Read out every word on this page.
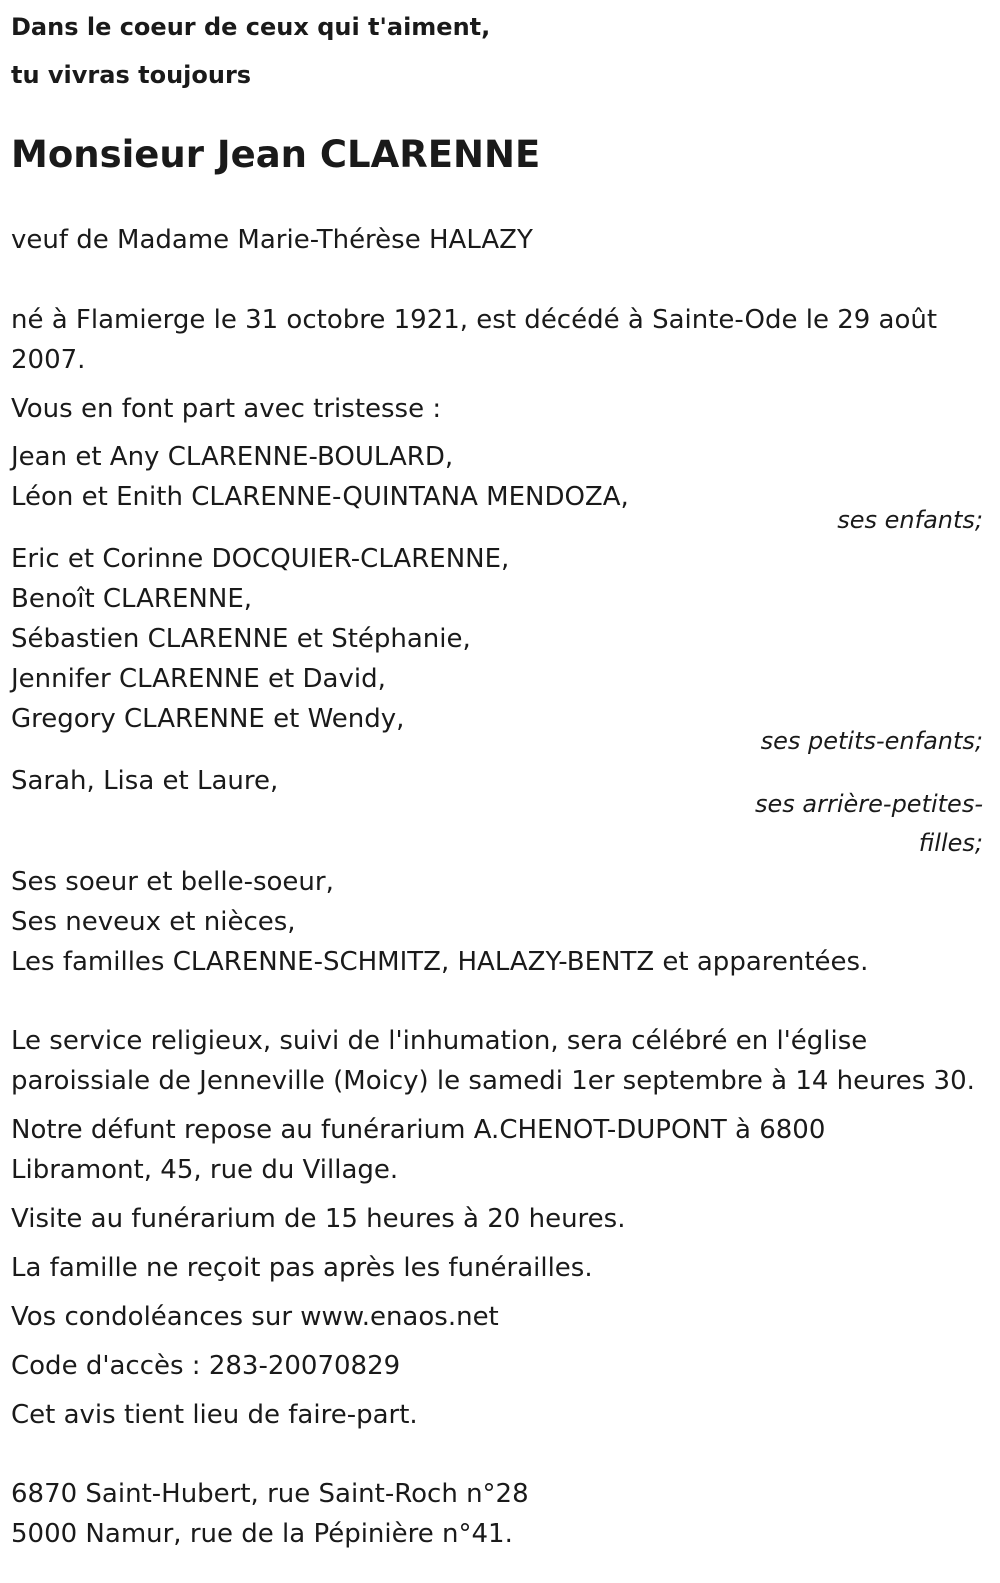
Dans le coeur de ceux qui t'aiment,

tu vivras toujours

Monsieur Jean CLARENNE

veuf de Madame Marie-Thérèse HALAZY

né à Flamierge le 31 octobre 1921, est décédé à Sainte-Ode le 29 août

2007.

Vous en font part avec tristesse :

Jean et Any CLARENNE-BOULARD,

Léon et Enith CLARENNE-QUINTANA MENDOZA,

ses enfants;

Eric et Corinne DOCQUIER-CLARENNE,

Benoît CLARENNE,

Sébastien CLARENNE et Stéphanie,

Jennifer CLARENNE et David,

Gregory CLARENNE et Wendy,

ses petits-enfants;

Sarah, Lisa et Laure,

ses arrière-petites-

filles;

Ses soeur et belle-soeur,

Ses neveux et nièces,

Les familles CLARENNE-SCHMITZ, HALAZY-BENTZ et apparentées.

Le service religieux, suivi de l'inhumation, sera célébré en l'église

paroissiale de Jenneville (Moicy) le samedi 1er septembre à 14 heures 30.

Notre défunt repose au funérarium A.CHENOT-DUPONT à 6800

Libramont, 45, rue du Village.

Visite au funérarium de 15 heures à 20 heures.

La famille ne reçoit pas après les funérailles.

Vos condoléances sur www.enaos.net

Code d'accès : 283-20070829

Cet avis tient lieu de faire-part.

6870 Saint-Hubert, rue Saint-Roch n°28

5000 Namur, rue de la Pépinière n°41.
